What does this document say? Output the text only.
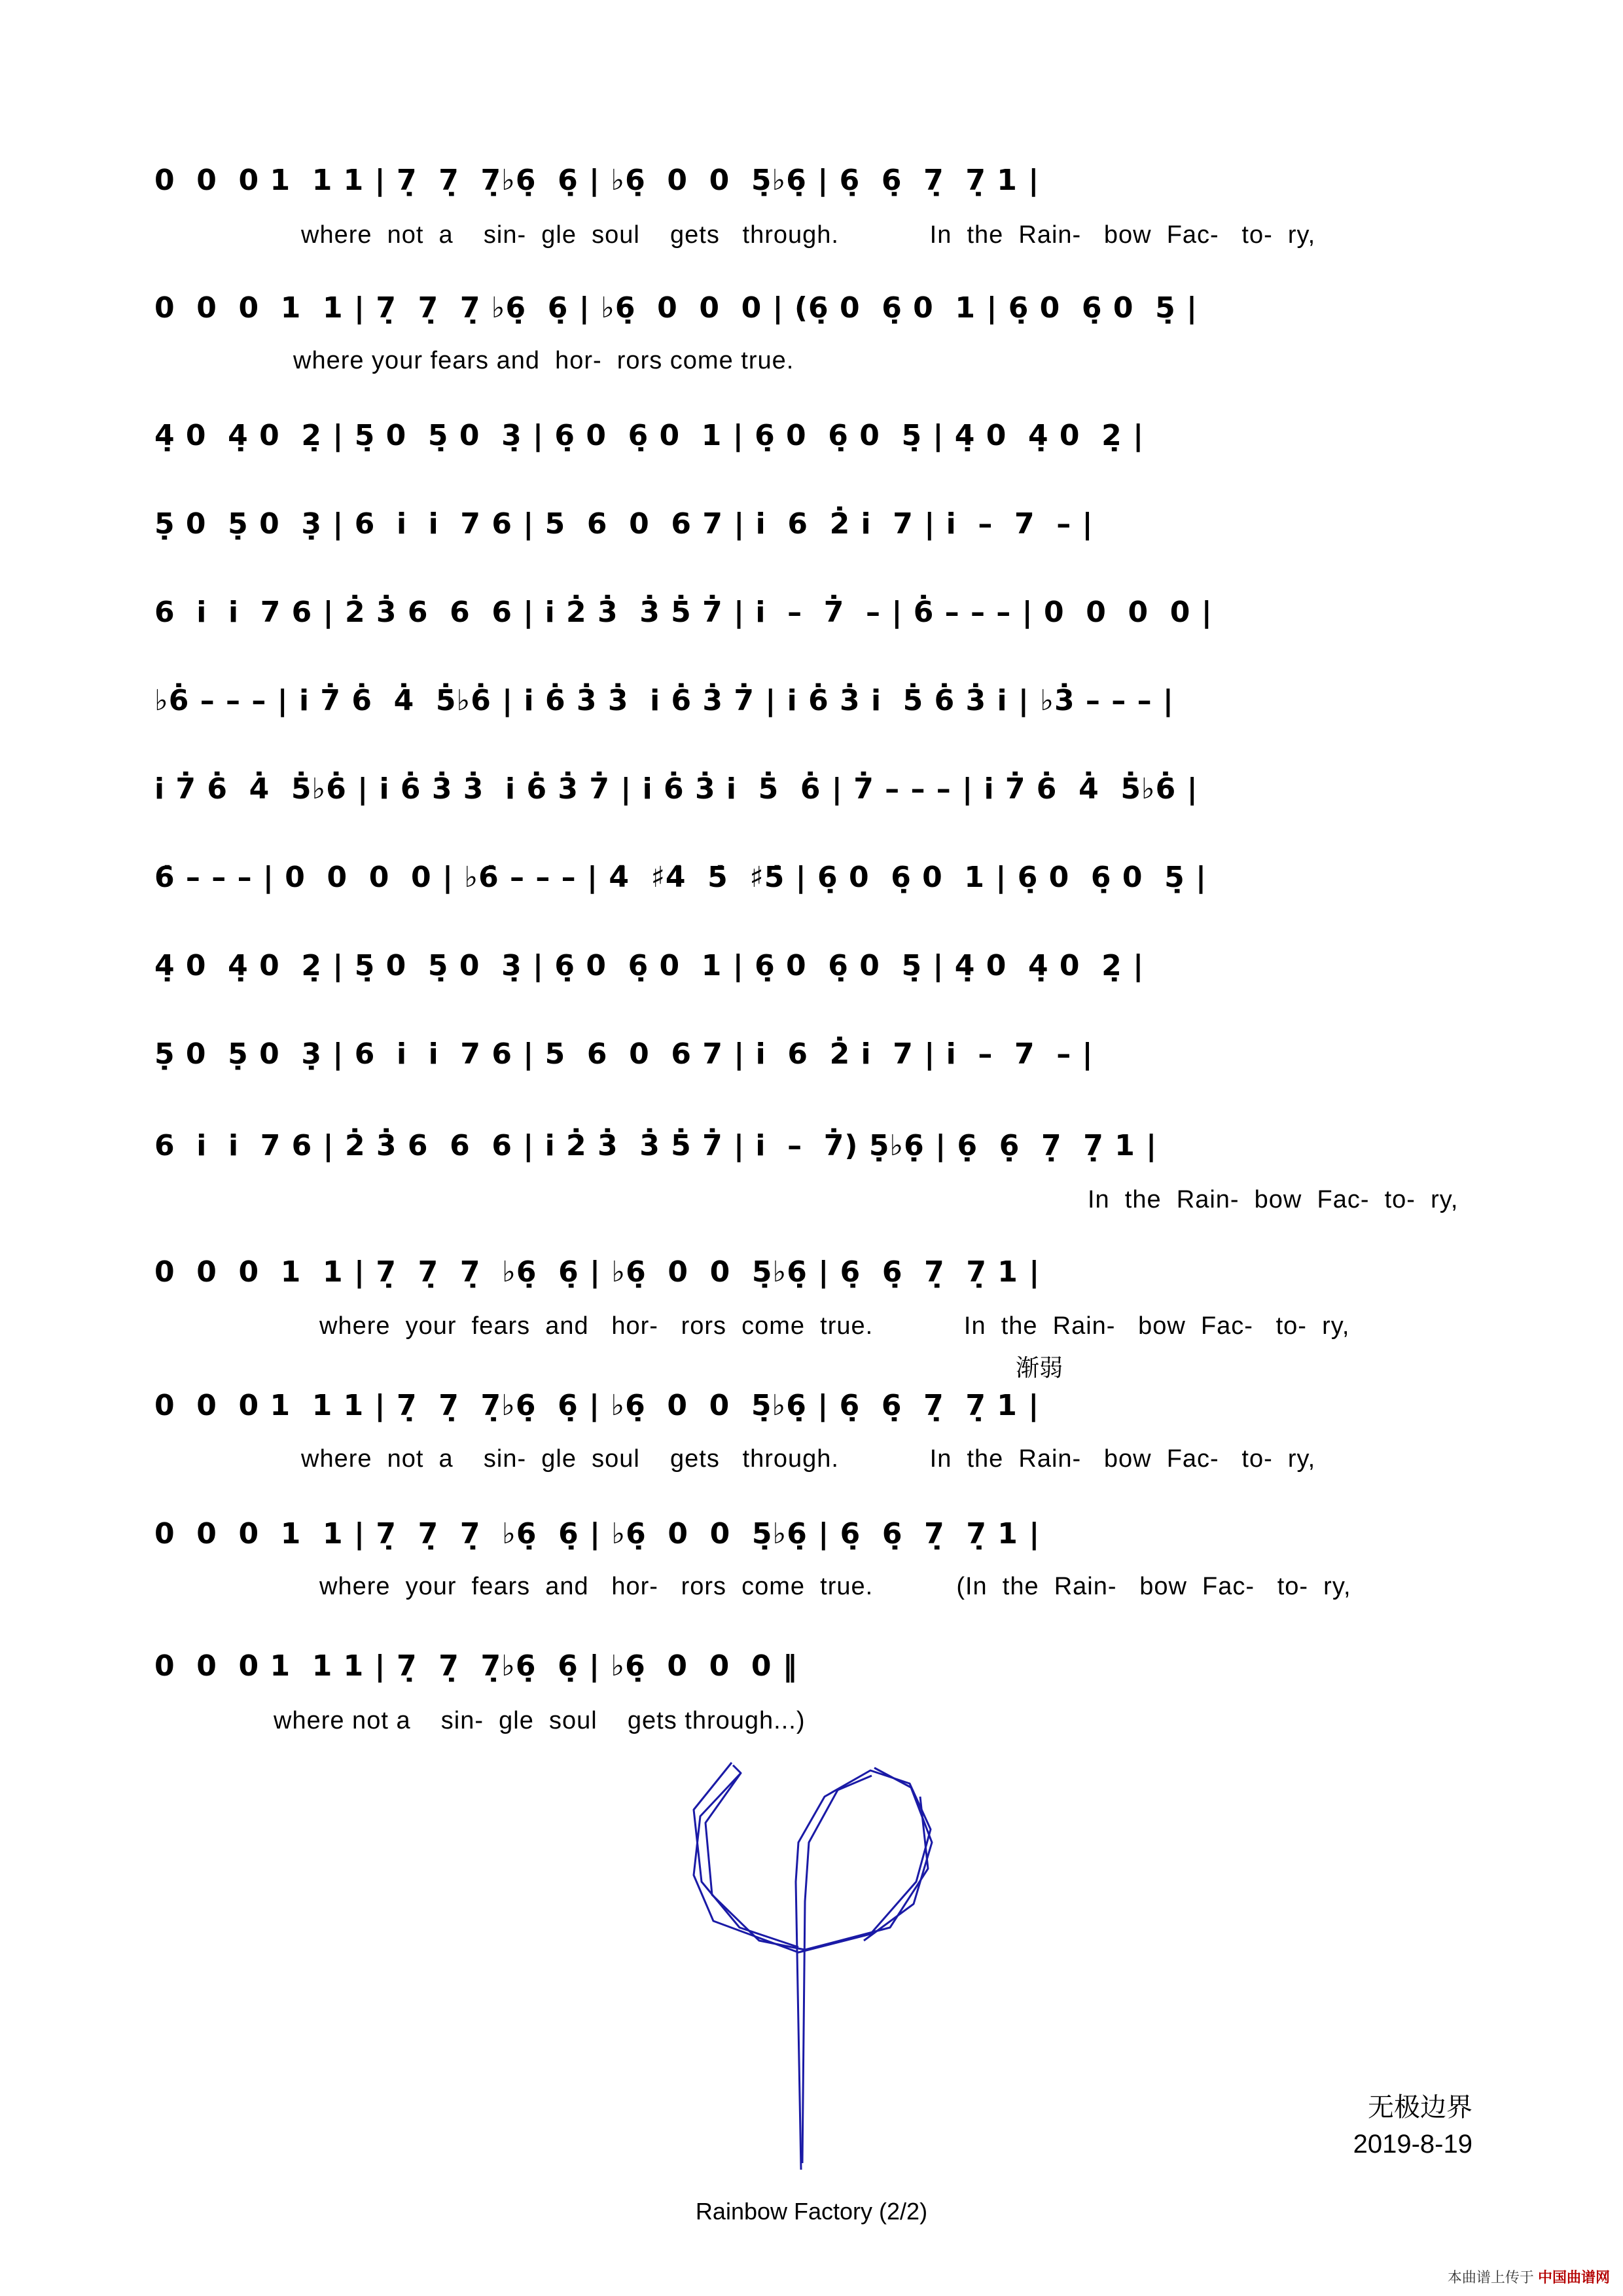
0  0  0 1  1 1 | 7̣  7̣  7̣♭6̣  6̣ | ♭6̣  0  0  5̣♭6̣ | 6̣  6̣  7̣  7̣ 1 |
where  not  a    sin-  gle  soul    gets   through.            In  the  Rain-   bow  Fac-   to-  ry,
0  0  0  1  1 | 7̣  7̣  7̣ ♭6̣  6̣ | ♭6̣  0  0  0 | (6̣ 0  6̣ 0  1 | 6̣ 0  6̣ 0  5̣ |
where your fears and  hor-  rors come true.
4̣ 0  4̣ 0  2̣ | 5̣ 0  5̣ 0  3̣ | 6̣ 0  6̣ 0  1 | 6̣ 0  6̣ 0  5̣ | 4̣ 0  4̣ 0  2̣ |
5̣ 0  5̣ 0  3̣ | 6  i  i  7 6 | 5  6  0  6 7 | i  6  2̇ i  7 | i  –  7  – |
6  i  i  7 6 | 2̇ 3̇ 6  6  6 | i 2̇ 3̇  3̇ 5̇ 7̇ | i  –  7̇  – | 6̇ – – – | 0  0  0  0 |
♭6̇ – – – | i 7̇ 6̇  4̇  5̇♭6̇ | i 6̇ 3̇ 3̇  i 6̇ 3̇ 7̇ | i 6̇ 3̇ i  5̇ 6̇ 3̇ i | ♭3̇ – – – |
i 7̇ 6̇  4̇  5̇♭6̇ | i 6̇ 3̇ 3̇  i 6̇ 3̇ 7̇ | i 6̇ 3̇ i  5̇  6̇ | 7̇ – – – | i 7̇ 6̇  4̇  5̇♭6̇ |
6̇ – – – | 0  0  0  0 | ♭6̇ – – – | 4̇  ♯4̇  5̇  ♯5̇ | 6̣ 0  6̣ 0  1 | 6̣ 0  6̣ 0  5̣ |
4̣ 0  4̣ 0  2̣ | 5̣ 0  5̣ 0  3̣ | 6̣ 0  6̣ 0  1 | 6̣ 0  6̣ 0  5̣ | 4̣ 0  4̣ 0  2̣ |
5̣ 0  5̣ 0  3̣ | 6  i  i  7 6 | 5  6  0  6 7 | i  6  2̇ i  7 | i  –  7  – |
6  i  i  7 6 | 2̇ 3̇ 6  6  6 | i 2̇ 3̇  3̇ 5̇ 7̇ | i  –  7̇) 5̣♭6̣ | 6̣  6̣  7̣  7̣ 1 |
In  the  Rain-  bow  Fac-  to-  ry,
0  0  0  1  1 | 7̣  7̣  7̣  ♭6̣  6̣ | ♭6̣  0  0  5̣♭6̣ | 6̣  6̣  7̣  7̣ 1 |
where  your  fears  and   hor-   rors  come  true.            In  the  Rain-   bow  Fac-   to-  ry,
渐弱
0  0  0 1  1 1 | 7̣  7̣  7̣♭6̣  6̣ | ♭6̣  0  0  5̣♭6̣ | 6̣  6̣  7̣  7̣ 1 |
where  not  a    sin-  gle  soul    gets   through.            In  the  Rain-   bow  Fac-   to-  ry,
0  0  0  1  1 | 7̣  7̣  7̣  ♭6̣  6̣ | ♭6̣  0  0  5̣♭6̣ | 6̣  6̣  7̣  7̣ 1 |
where  your  fears  and   hor-   rors  come  true.           (In  the  Rain-   bow  Fac-   to-  ry,
0  0  0 1  1 1 | 7̣  7̣  7̣♭6̣  6̣ | ♭6̣  0  0  0 ‖
where not a    sin-  gle  soul    gets through...)
无极边界
2019-8-19
Rainbow Factory (2/2)
本曲谱上传于 中国曲谱网
